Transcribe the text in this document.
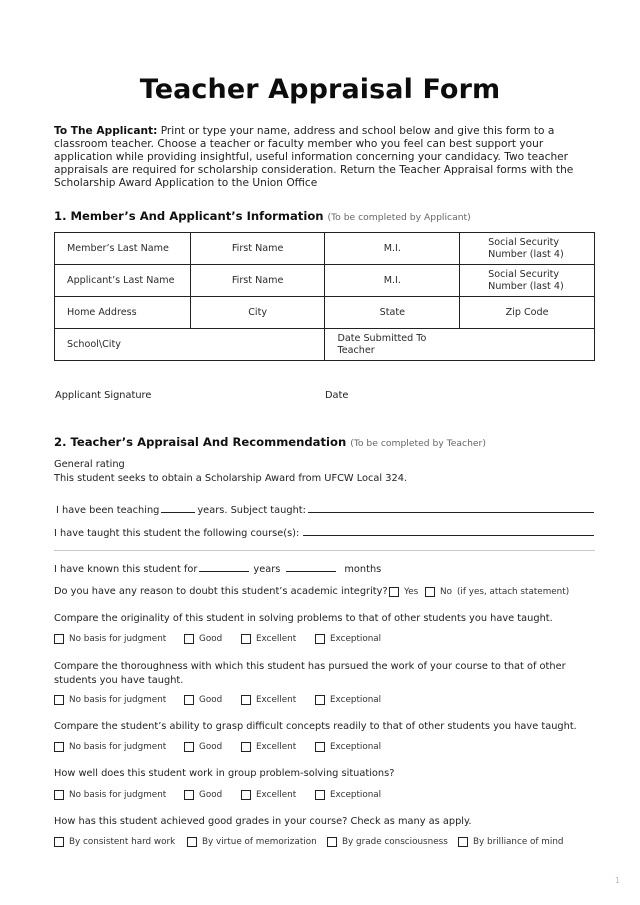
Teacher Appraisal Form
To The Applicant: Print or type your name, address and school below and give this form to a classroom teacher. Choose a teacher or faculty member who you feel can best support your application while providing insightful, useful information concerning your candidacy. Two teacher appraisals are required for scholarship consideration. Return the Teacher Appraisal forms with the Scholarship Award Application to the Union Office
1. Member’s And Applicant’s Information (To be completed by Applicant)
Member’s Last Name	First Name	M.I.	Social Security
Number (last 4)
Applicant’s Last Name	First Name	M.I.	Social Security
Number (last 4)
Home Address	City	State	Zip Code
School\City		Date Submitted To
Teacher	
Applicant Signature	Date
2. Teacher’s Appraisal And Recommendation (To be completed by Teacher)
General rating
This student seeks to obtain a Scholarship Award from UFCW Local 324.
I have been teaching	years. Subject taught:
I have taught this student the following course(s):
I have known this student for	years	months
Do you have any reason to doubt this student’s academic integrity? Yes No (if yes, attach statement)
Compare the originality of this student in solving problems to that of other students you have taught.
No basis for judgment	Good	Excellent	Exceptional
Compare the thoroughness with which this student has pursued the work of your course to that of other
students you have taught.
No basis for judgment	Good	Excellent	Exceptional
Compare the student’s ability to grasp difficult concepts readily to that of other students you have taught.
No basis for judgment	Good	Excellent	Exceptional
How well does this student work in group problem-solving situations?
No basis for judgment	Good	Excellent	Exceptional
How has this student achieved good grades in your course? Check as many as apply.
By consistent hard work	By virtue of memorization	By grade consciousness	By brilliance of mind
1
